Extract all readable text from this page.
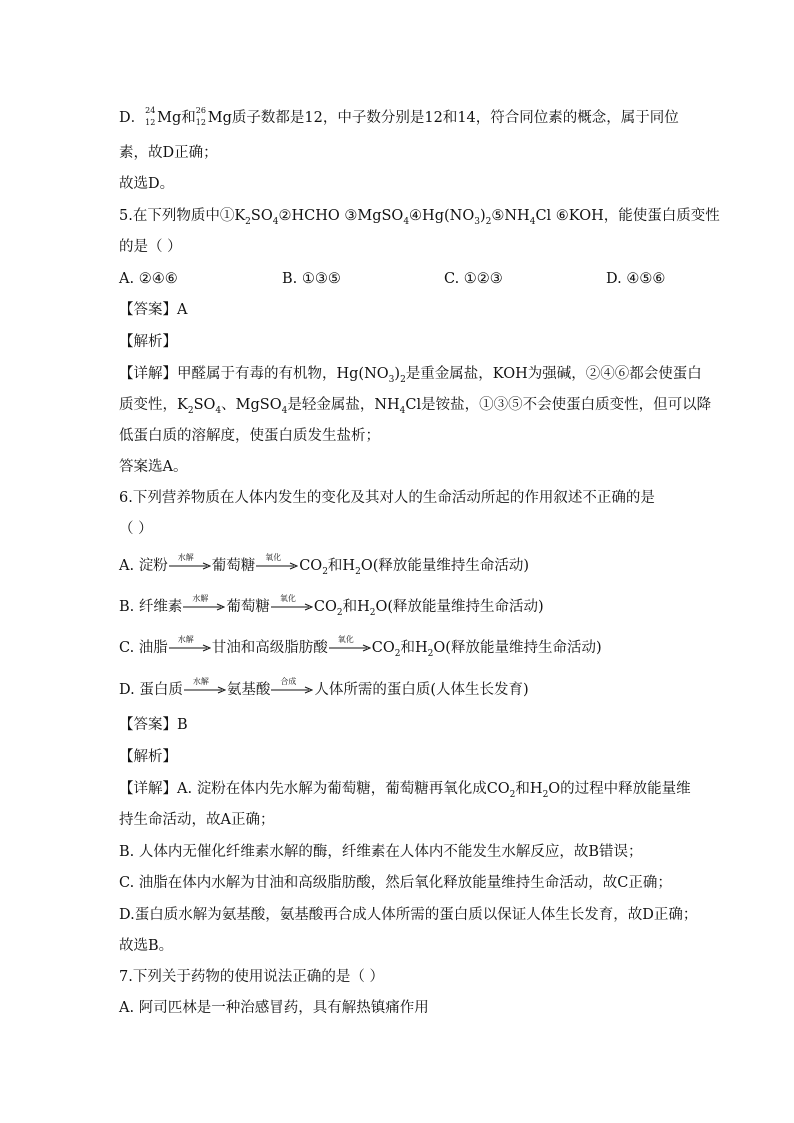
D． 24
12 Mg和 26
12 Mg质子数都是12，中子数分别是12和14，符合同位素的概念，属于同位
素，故D正确；
故选D。
5.在下列物质中$①K_2SO_4②HCHO$ $③MgSO_4④Hg(NO_3)_2⑤NH_4Cl$ ⑥KOH，能使蛋白质变性
的是（ ）
A. ②④⑥	B. ①③⑤	C. ①②③	D. ④⑤⑥
【答案】A
【解析】
【详解】甲醛属于有毒的有机物，$Hg(NO_3)_2$是重金属盐，KOH为强碱，②④⑥都会使蛋白
质变性，$K_2SO_4$、MgSO$_4$是轻金属盐，$NH_4Cl$是铵盐，①③⑤不会使蛋白质变性，但可以降
低蛋白质的溶解度，使蛋白质发生盐析；
答案选A。
6.下列营养物质在人体内发生的变化及其对人的生命活动所起的作用叙述不正确的是
（ ）
A. 淀粉
水解
葡萄糖
氧化
$CO_2$和$H_2O$(释放能量维持生命活动)
B. 纤维素
水解
葡萄糖
氧化
$CO_2$和$H_2O$(释放能量维持生命活动)
C. 油脂
水解
甘油和高级脂肪酸
氧化
$CO_2$和$H_2O$(释放能量维持生命活动)
D. 蛋白质
水解
氨基酸
合成
人体所需的蛋白质(人体生长发育)
【答案】B
【解析】
【详解】A. 淀粉在体内先水解为葡萄糖，葡萄糖再氧化成$CO_2$和$H_2O$的过程中释放能量维
持生命活动，故A正确；
B. 人体内无催化纤维素水解的酶，纤维素在人体内不能发生水解反应，故B错误；
C. 油脂在体内水解为甘油和高级脂肪酸，然后氧化释放能量维持生命活动，故C正确；
D.蛋白质水解为氨基酸，氨基酸再合成人体所需的蛋白质以保证人体生长发育，故D正确；
故选B。
7.下列关于药物的使用说法正确的是（ ）
A. 阿司匹林是一种治感冒药，具有解热镇痛作用
